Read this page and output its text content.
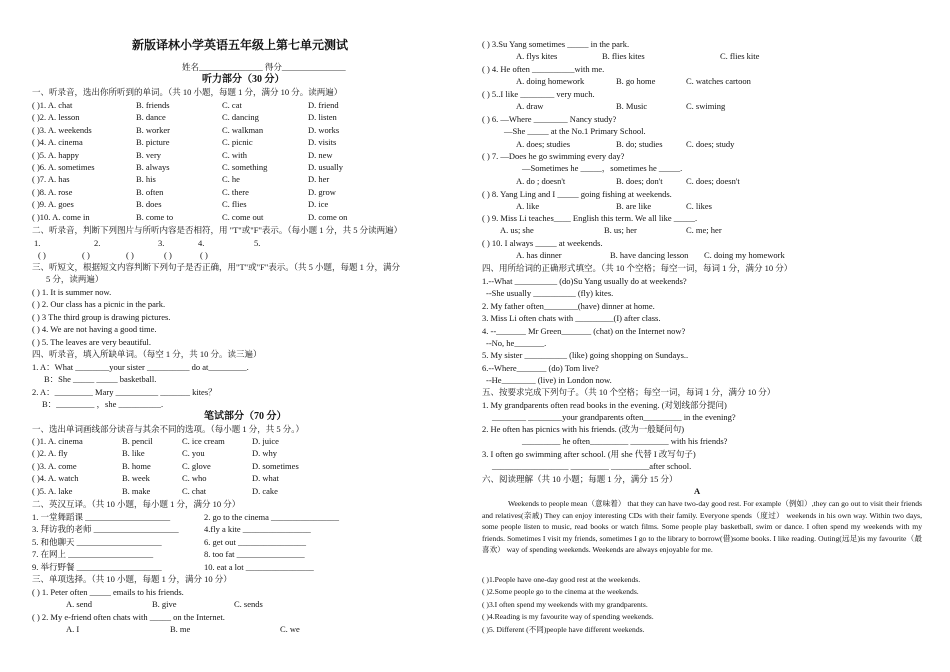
新版译林小学英语五年级上第七单元测试
姓名_______________ 得分_______________
听力部分（30 分）
一、听录音，选出你所听到的单词。（共 10 小题，每题 1 分，满分 10 分。读两遍）
( )1. A. chat	B. friends	C. cat	D. friend
( )2. A. lesson	B. dance	C. dancing	D. listen
( )3. A. weekends	B. worker	C. walkman	D. works
( )4. A. cinema	B. picture	C. picnic	D. visits
( )5. A. happy	B. very	C. with	D. new
( )6. A. sometimes	B. always	C. something	D. usually
( )7. A. has	B. his	C. he	D. her
( )8. A. rose	B. often	C. there	D. grow
( )9. A. goes	B. does	C. flies	D. ice
( )10. A. come in	B. come to	C. come out	D. come on
二、听录音，判断下列图片与所听内容是否相符，用 "T"或"F"表示。（每小题 1 分，共 5 分读两遍）
1.	2.	3.	4.	5.
( )	( )	( )	( )	( )
三、听短文，根据短文内容判断下列句子是否正确，用"T"或"F"表示。（共 5 小题，每题 1 分，满分
5 分，读两遍）
( ) 1. It is summer now.
( ) 2. Our class has a picnic in the park.
( ) 3 The third group is drawing pictures.
( ) 4. We are not having a good time.
( ) 5. The leaves are very beautiful.
四、听录音，填入所缺单词。（每空 1 分，共 10 分。读三遍）
1. A：What ________your sister __________ do at_________.
B：She _____ _____ basketball.
2. A：_________ Mary __________ _______ kites？
B：_________ ，she __________.
笔试部分（70 分）
一、选出单词画线部分读音与其余不同的选项。（每小题 1 分，共 5 分。）
( )1. A. cinema	B. pencil	C. ice cream	D. juice
( )2. A. fly	B. like	C. you	D. why
( )3. A. come	B. home	C. glove	D. sometimes
( )4. A. watch	B. week	C. who	D. what
( )5. A. lake	B. make	C. chat	D. cake
二、英汉互译。（共 10 小题，每小题 1 分，满分 10 分）
1. 一堂舞蹈课 ____________________	2. go to the cinema ________________
3. 拜访我的老师 ____________________	4.fly a kite ________________
5. 和他聊天 ____________________	6. get out ________________
7. 在网上 ____________________	8. too fat ________________
9. 举行野餐 ____________________	10. eat a lot ________________
三、单项选择。（共 10 小题，每题 1 分，满分 10 分）
( ) 1. Peter often _____ emails to his friends.
A. send	B. give	C. sends
( ) 2. My e-friend often chats with _____ on the Internet.
A. I	B. me	C. we
( ) 3.Su Yang sometimes _____ in the park.
A. flys kites	B. flies kites	C. flies kite
( ) 4. He often __________with me.
A. doing homework	B. go home	C. watches cartoon
( ) 5..I like ________ very much.
A. draw	B. Music	C. swiming
( ) 6. —Where ________ Nancy study?
—She _____ at the No.1 Primary School.
A. does; studies	B. do; studies	C. does; study
( ) 7. —Does he go swimming every day?
—Sometimes he _____，sometimes he _____.
A. do ; doesn't	B. does; don't	C. does; doesn't
( ) 8. Yang Ling and I _____ going fishing at weekends.
A. like	B. are like	C. likes
( ) 9. Miss Li teaches____ English this term. We all like _____.
A. us; she	B. us; her	C. me; her
( ) 10. I always _____ at weekends.
A. has dinner	B. have dancing lesson C. doing my homework
四、用所给词的正确形式填空。（共 10 个空格；每空一词，每词 1 分，满分 10 分）
1.--What __________ (do)Su Yang usually do at weekends?
--She usually __________ (fly) kites.
2. My father often________(have) dinner at home.
3. Miss Li often chats with _________(I) after class.
4. --_______ Mr Green_______ (chat) on the Internet now?
--No, he_______.
5. My sister __________ (like) going shopping on Sundays..
6.--Where_______ (do) Tom live?
--He________ (live) in London now.
五、按要求完成下列句子。（共 10 个空格；每空一词，每词 1 分，满分 10 分）
1. My grandparents often read books in the evening. (对划线部分提问)
________ ________your grandparents often_________ in the evening?
2. He often has picnics with his friends. (改为一般疑问句)
_________ he often_________ _________ with his friends?
3. I often go swimming after school. (用 she 代替 I 改写句子)
__________________ _________ _________after school.
六、阅读理解（共 10 小题；每题 1 分，满分 15 分）
A
Weekends to people mean（意味着） that they can have two-day good rest. For example（例如）,they can go out to visit their friends and relatives(亲戚) They can enjoy interesting CDs with their family. Everyone spends（度过） weekends in his own way. Within two days, some people listen to music, read books or watch films. Some people play basketball, swim or dance. I often spend my weekends with my friends. Sometimes I visit my friends, sometimes I go to the library to borrow(借)some books. I like reading. Outing(远足)is my favourite（最喜欢） way of spending weekends. Weekends are always enjoyable for me.
( )1.People have one-day good rest at the weekends.
( )2.Some people go to the cinema at the weekends.
( )3.I often spend my weekends with my grandparents.
( )4.Reading is my favourite way of spending weekends.
( )5. Different (不同)people have different weekends.
